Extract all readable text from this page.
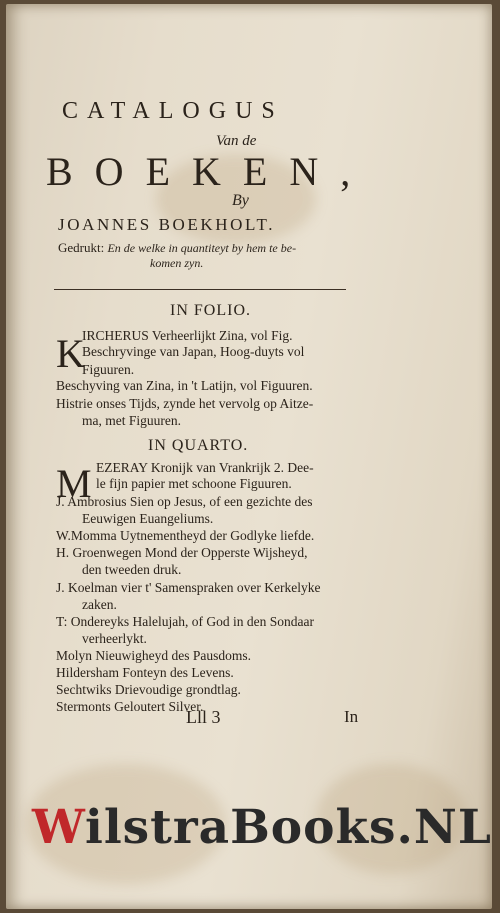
CATALOGUS
Van de
BOEKEN,
By
JOANNES BOEKHOLT.
Gedrukt: En de welke in quantiteyt by hem te be-
komen zyn.
IN FOLIO.
K
IRCHERUS Verheerlijkt Zina, vol Fig.
Beschryvinge van Japan, Hoog-duyts vol
Figuuren.
Beschyving van Zina, in 't Latijn, vol Figuuren.
Histrie onses Tijds, zynde het vervolg op Aitze-
ma, met Figuuren.
IN QUARTO.
M EZERAY Kronijk van Vrankrijk 2. Dee-
le fijn papier met schoone Figuuren.
J. Ambrosius Sien op Jesus, of een gezichte des
Eeuwigen Euangeliums.
W.Momma Uytnementheyd der Godlyke liefde.
H. Groenwegen Mond der Opperste Wijsheyd,
den tweeden druk.
J. Koelman vier t' Samenspraken over Kerkelyke
zaken.
T: Ondereyks Halelujah, of God in den Sondaar
verheerlykt.
Molyn Nieuwigheyd des Pausdoms.
Hildersham Fonteyn des Levens.
Sechtwiks Drievoudige grondtlag.
Stermonts Geloutert Silver.
Lll 3	In
WilstraBooks.NL
